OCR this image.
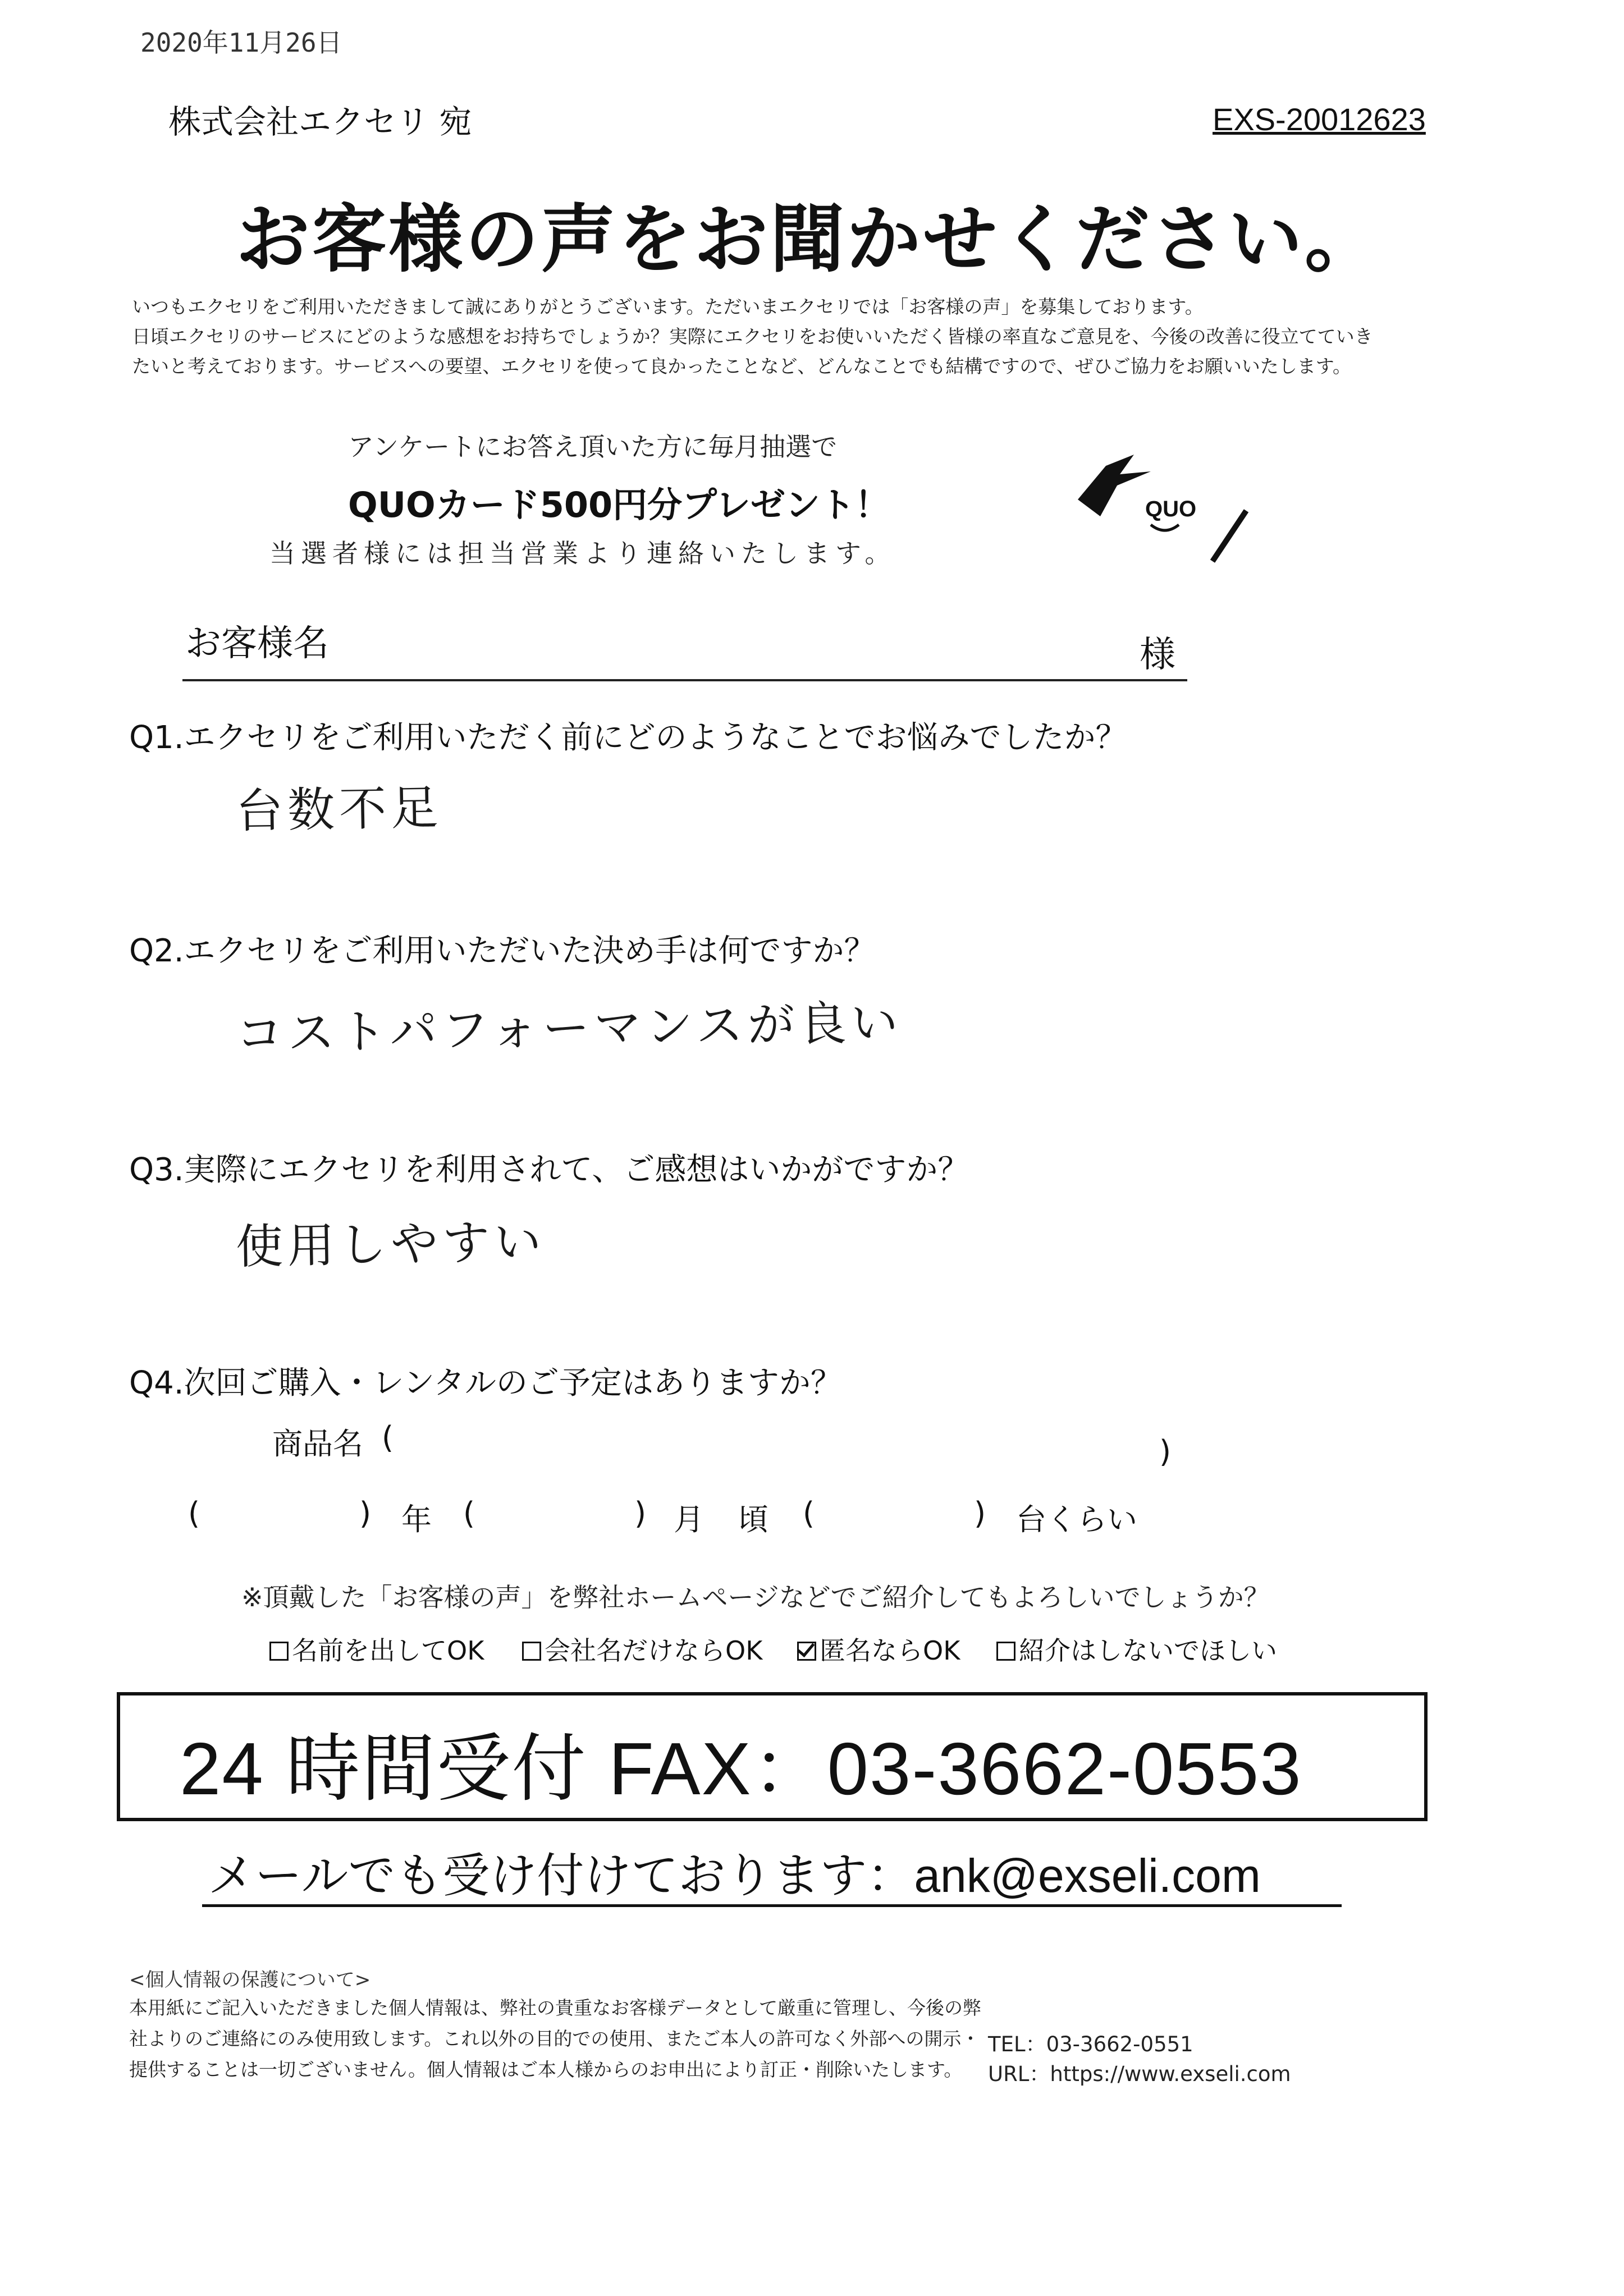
2020年11月26日
株式会社エクセリ 宛	EXS-20012623
お客様の声をお聞かせください。
いつもエクセリをご利用いただきまして誠にありがとうございます。ただいまエクセリでは「お客様の声」を募集しております。
日頃エクセリのサービスにどのような感想をお持ちでしょうか？実際にエクセリをお使いいただく皆様の率直なご意見を、今後の改善に役立てていき
たいと考えております。サービスへの要望、エクセリを使って良かったことなど、どんなことでも結構ですので、ぜひご協力をお願いいたします。
アンケートにお答え頂いた方に毎月抽選で
QUOカード500円分プレゼント！
当選者様には担当営業より連絡いたします。
QUO
お客様名	様
Q1.エクセリをご利用いただく前にどのようなことでお悩みでしたか？
台数不足
Q2.エクセリをご利用いただいた決め手は何ですか？
コストパフォーマンスが良い
Q3.実際にエクセリを利用されて、ご感想はいかがですか？
使用しやすい
Q4.次回ご購入・レンタルのご予定はありますか？
商品名 (	)
(	) 年 (	) 月 頃 (	) 台くらい
※頂戴した「お客様の声」を弊社ホームページなどでご紹介してもよろしいでしょうか？
名前を出してOK	会社名だけならOK	匿名ならOK	紹介はしないでほしい
24 時間受付 FAX：03-3662-0553
メールでも受け付けております：ank@exseli.com
<個人情報の保護について>
本用紙にご記入いただきました個人情報は、弊社の貴重なお客様データとして厳重に管理し、今後の弊
社よりのご連絡にのみ使用致します。これ以外の目的での使用、またご本人の許可なく外部への開示・
提供することは一切ございません。個人情報はご本人様からのお申出により訂正・削除いたします。
TEL：03-3662-0551
URL：https://www.exseli.com
